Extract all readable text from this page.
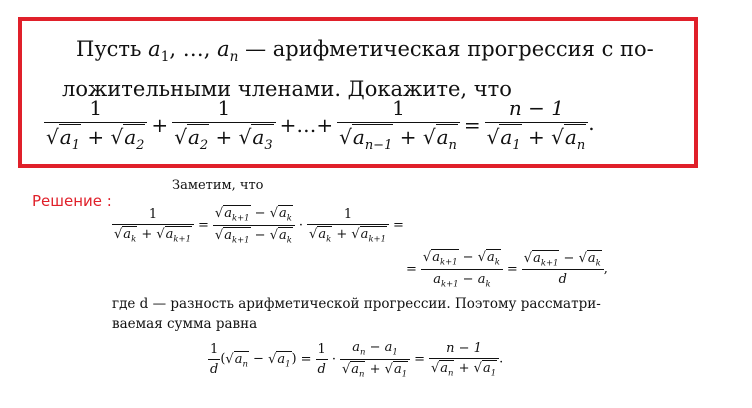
Пусть $a_1$, …, $a_n$ — арифметическая прогрессия с по-
ложительными членами. Докажите, что
$\frac{1}{√a_1 + √a_2} + \frac{1}{√a_2 + √a_3}$ +…+ $\frac{1}{√a_{n-1} + √a_n} = \frac{n - 1}{√a_1 + √a_n}$ .
Решение :
Заметим, что
$\frac{1}{√a_k + √a_{k+1}} = \frac{√a_{k+1} - √a_k}{√a_{k+1} - √a_k} \cdot \frac{1}{√a_k + √a_{k+1}}$ =
= $\frac{√a_{k+1} - √a_k}{a_{k+1} - a_k} = \frac{√a_{k+1} - √a_k}{d}$ ,
где d — разность арифметической прогрессии. Поэтому рассматри-
ваемая сумма равна
$\frac{1}{d} (√a_n - √a_1) = \frac{1}{d} \cdot \frac{a_n - a_1}{√a_n + √a_1} = \frac{n - 1}{√a_n + √a_1}$ .
